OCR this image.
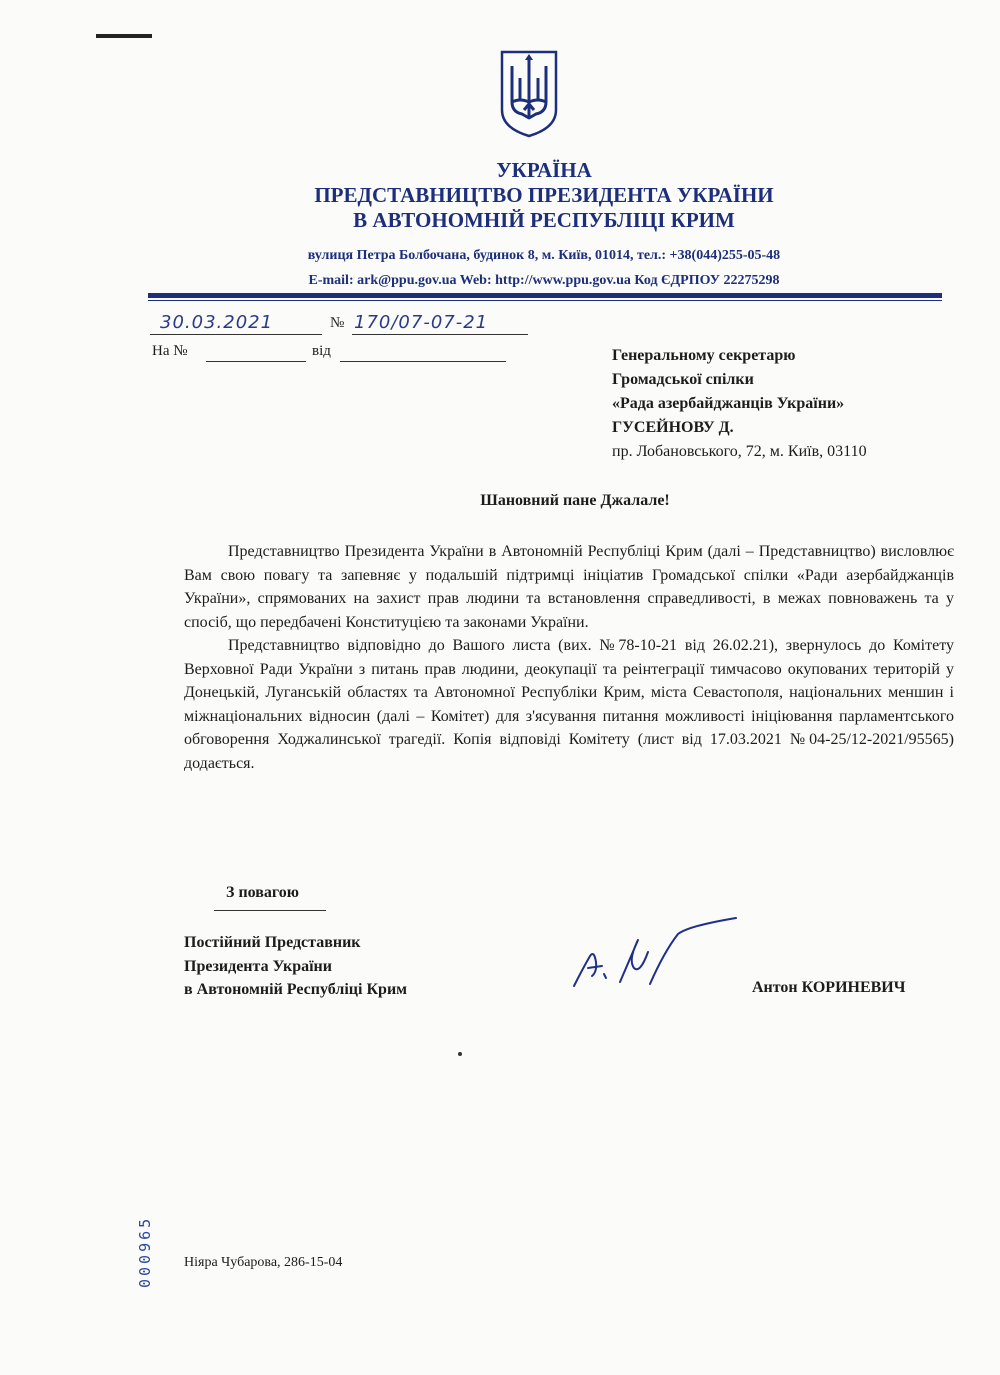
УКРАЇНА
ПРЕДСТАВНИЦТВО ПРЕЗИДЕНТА УКРАЇНИ
В АВТОНОМНІЙ РЕСПУБЛІЦІ КРИМ
вулиця Петра Болбочана, будинок 8, м. Київ, 01014, тел.: +38(044)255-05-48
E-mail: ark@ppu.gov.ua Web: http://www.ppu.gov.ua Код ЄДРПОУ 22275298
30.03.2021	№ 170/07-07-21
На №	від	Генеральному секретарю
Громадської спілки
«Рада азербайджанців України»
ГУСЕЙНОВУ Д.
пр. Лобановського, 72, м. Київ, 03110
Шановний пане Джалале!

Представництво Президента України в Автономній Республіці Крим (далі – Представництво) висловлює Вам свою повагу та запевняє у подальшій підтримці ініціатив Громадської спілки «Ради азербайджанців України», спрямованих на захист прав людини та встановлення справедливості, в межах повноважень та у спосіб, що передбачені Конституцією та законами України.

Представництво відповідно до Вашого листа (вих. №78-10-21 від 26.02.21), звернулось до Комітету Верховної Ради України з питань прав людини, деокупації та реінтеграції тимчасово окупованих територій у Донецькій, Луганській областях та Автономної Республіки Крим, міста Севастополя, національних меншин і міжнаціональних відносин (далі – Комітет) для з'ясування питання можливості ініціювання парламентського обговорення Ходжалинської трагедії. Копія відповіді Комітету (лист від 17.03.2021 №04-25/12-2021/95565) додається.

З повагою
Постійний Представник
Президента України
в Автономній Республіці Крим	Антон КОРИНЕВИЧ
000965 Ніяра Чубарова, 286-15-04
